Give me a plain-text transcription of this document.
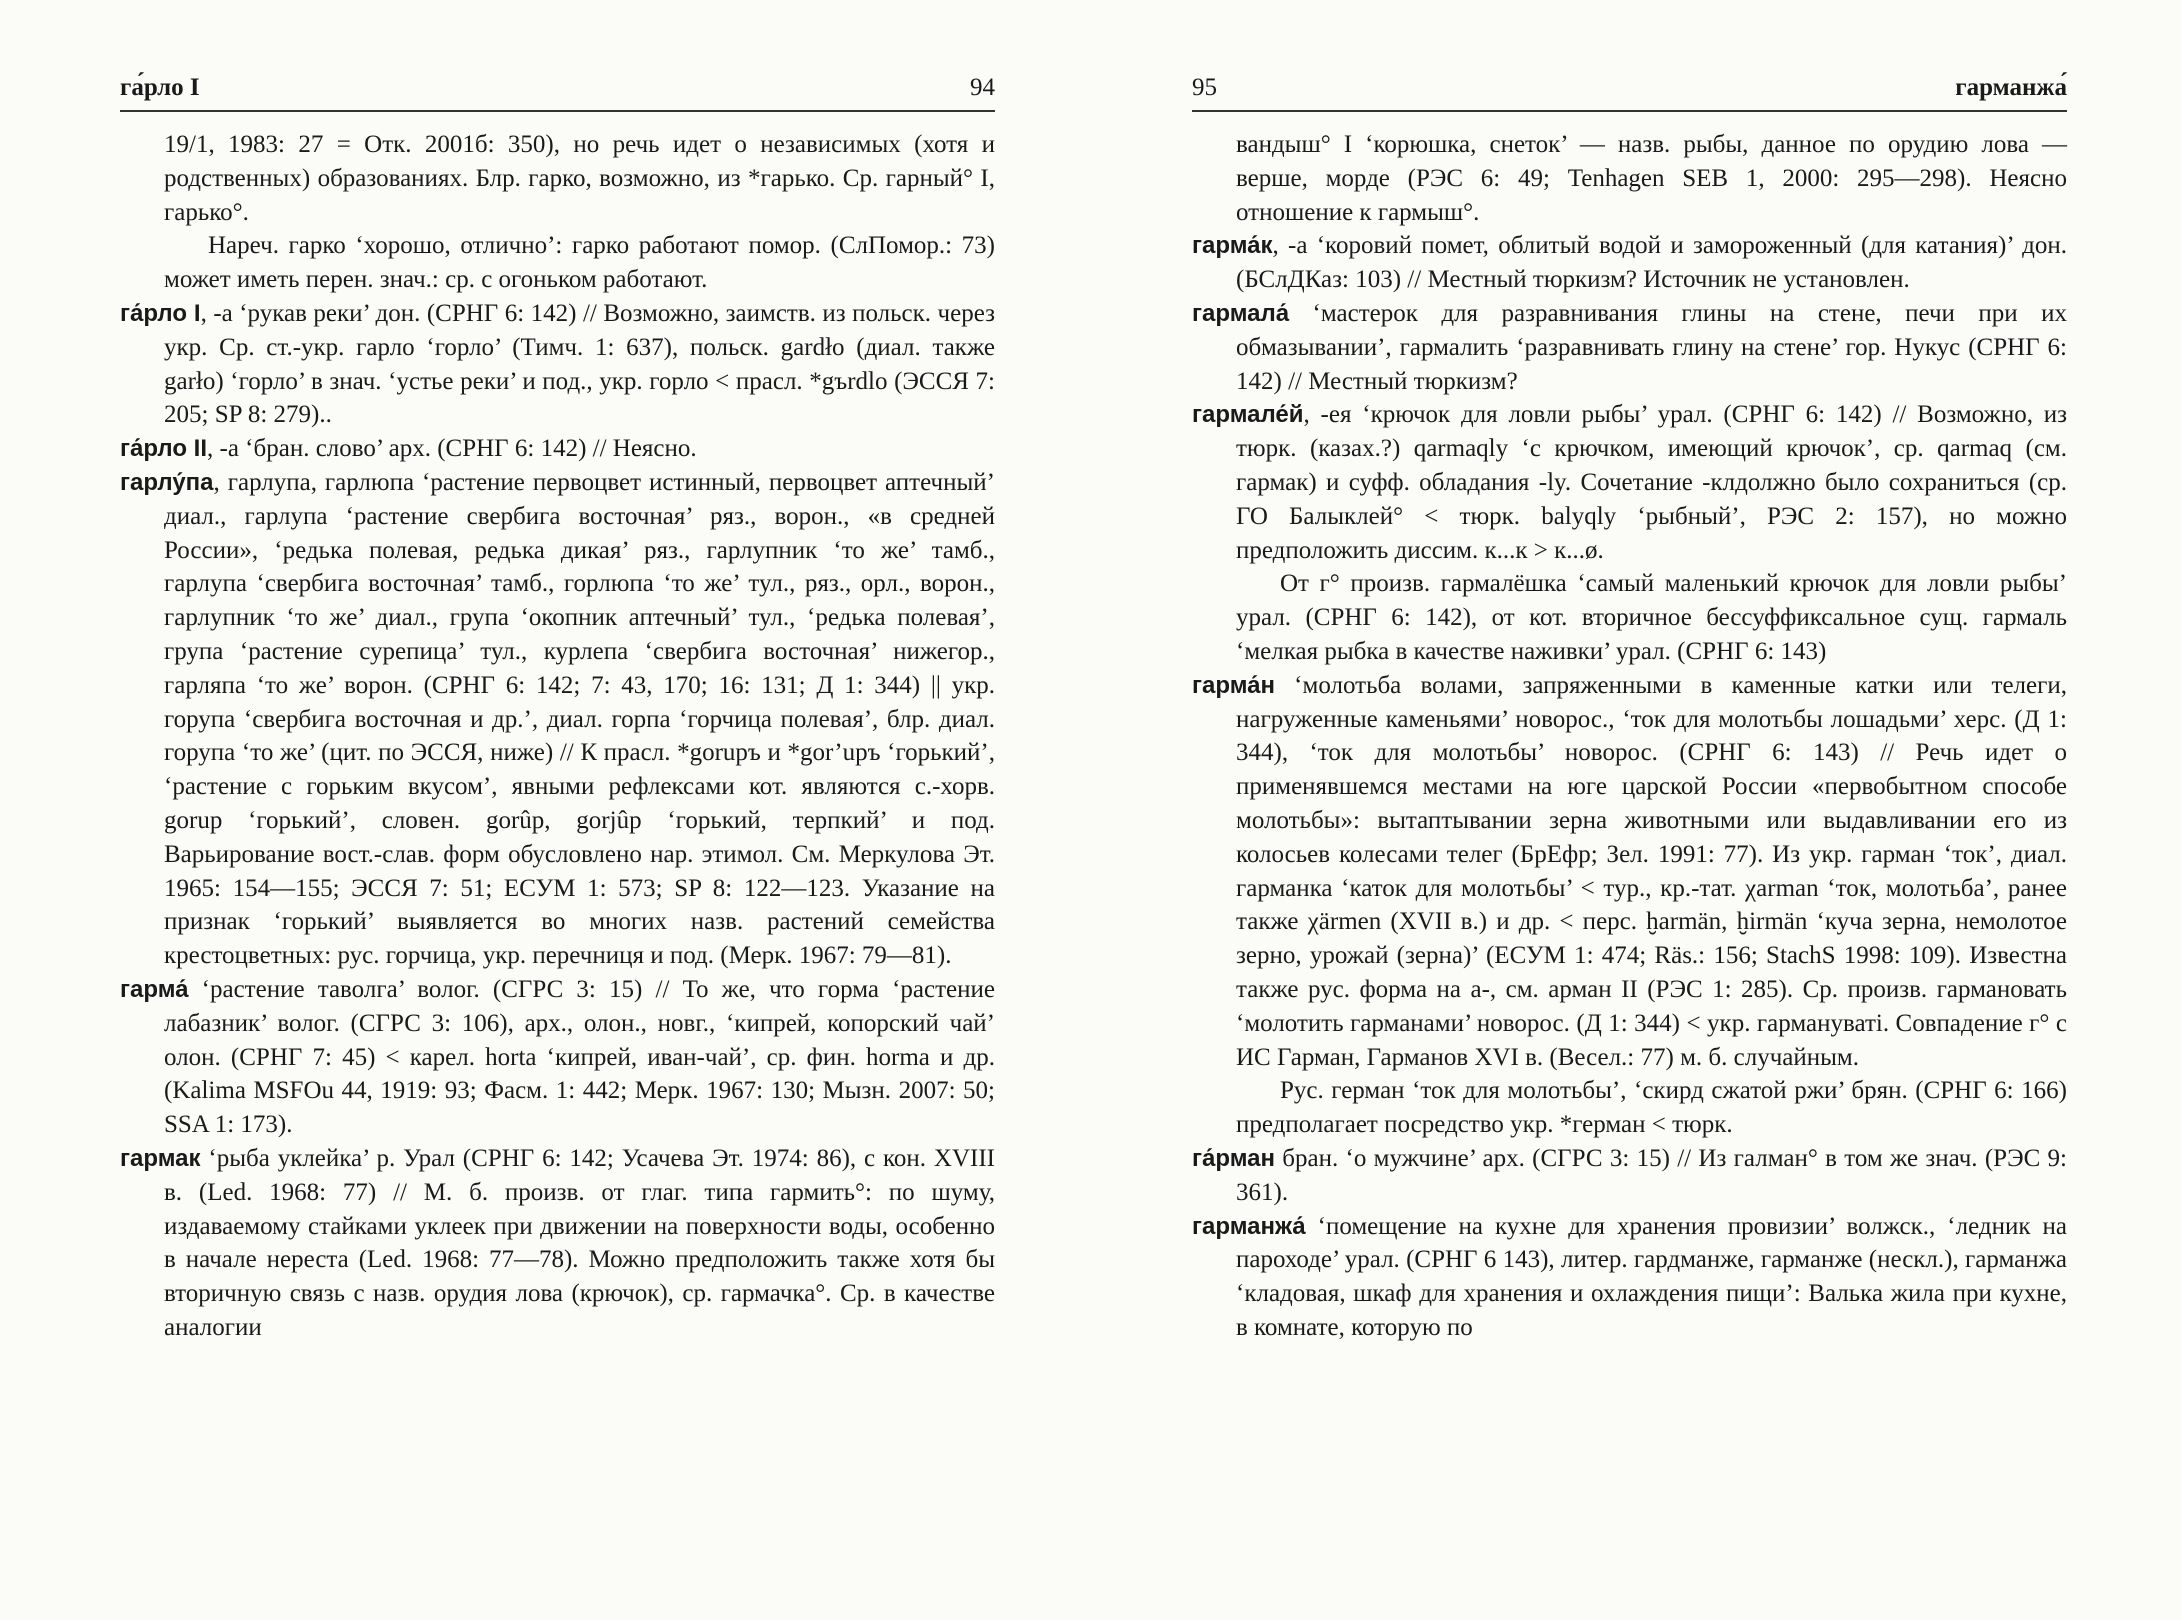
га́рло I	94

19/1, 1983: 27 = Отк. 2001б: 350), но речь идет о независимых (хотя и родственных) образованиях. Блр. гарко, возможно, из *гарько. Ср. гарный° I, гарько°.

Нареч. гарко ‘хорошо, отлично’: гарко работают помор. (СлПомор.: 73) может иметь перен. знач.: ср. с огоньком работают.

га́рло I, -а ‘рукав реки’ дон. (СРНГ 6: 142) // Возможно, заимств. из польск. через укр. Ср. ст.-укр. гарло ‘горло’ (Тимч. 1: 637), польск. gardło (диал. также garło) ‘горло’ в знач. ‘устье реки’ и под., укр. горло < прасл. *gъrdlo (ЭССЯ 7: 205; SP 8: 279)..

га́рло II, -а ‘бран. слово’ арх. (СРНГ 6: 142) // Неясно.

гарлу́па, гарлупа, гарлюпа ‘растение первоцвет истинный, первоцвет аптечный’ диал., гарлупа ‘растение свербига восточная’ ряз., ворон., «в средней России», ‘редька полевая, редька дикая’ ряз., гарлупник ‘то же’ тамб., гарлупа ‘свербига восточная’ тамб., горлюпа ‘то же’ тул., ряз., орл., ворон., гарлупник ‘то же’ диал., група ‘окопник аптечный’ тул., ‘редька полевая’, група ‘растение сурепица’ тул., курлепа ‘свербига восточная’ нижегор., гарляпа ‘то же’ ворон. (СРНГ 6: 142; 7: 43, 170; 16: 131; Д 1: 344) || укр. горупа ‘свербига восточная и др.’, диал. горпа ‘горчица полевая’, блр. диал. горупа ‘то же’ (цит. по ЭССЯ, ниже) // К прасл. *gorupъ и *gor’upъ ‘горький’, ‘растение с горьким вкусом’, явными рефлексами кот. являются с.-хорв. gorup ‘горький’, словен. gorûp, gorjûp ‘горький, терпкий’ и под. Варьирование вост.-слав. форм обусловлено нар. этимол. См. Меркулова Эт. 1965: 154—155; ЭССЯ 7: 51; ЕСУМ 1: 573; SP 8: 122—123. Указание на признак ‘горький’ выявляется во многих назв. растений семейства крестоцветных: рус. горчица, укр. перечниця и под. (Мерк. 1967: 79—81).

гарма́ ‘растение таволга’ волог. (СГРС 3: 15) // То же, что горма ‘растение лабазник’ волог. (СГРС 3: 106), арх., олон., новг., ‘кипрей, копорский чай’ олон. (СРНГ 7: 45) < карел. horta ‘кипрей, иван-чай’, ср. фин. horma и др. (Kalima MSFOu 44, 1919: 93; Фасм. 1: 442; Мерк. 1967: 130; Мызн. 2007: 50; SSA 1: 173).

гармак ‘рыба уклейка’ р. Урал (СРНГ 6: 142; Усачева Эт. 1974: 86), с кон. XVIII в. (Led. 1968: 77) // М. б. произв. от глаг. типа гармить°: по шуму, издаваемому стайками уклеек при движении на поверхности воды, особенно в начале нереста (Led. 1968: 77—78). Можно предположить также хотя бы вторичную связь с назв. орудия лова (крючок), ср. гармачка°. Ср. в качестве аналогии

95	гарманжа́

вандыш° I ‘корюшка, снеток’ — назв. рыбы, данное по орудию лова — верше, морде (РЭС 6: 49; Tenhagen SEB 1, 2000: 295—298). Неясно отношение к гармыш°.

гарма́к, -а ‘коровий помет, облитый водой и замороженный (для катания)’ дон. (БСлДКаз: 103) // Местный тюркизм? Источник не установлен.

гармала́ ‘мастерок для разравнивания глины на стене, печи при их обмазывании’, гармалить ‘разравнивать глину на стене’ гор. Нукус (СРНГ 6: 142) // Местный тюркизм?

гармале́й, -ея ‘крючок для ловли рыбы’ урал. (СРНГ 6: 142) // Возможно, из тюрк. (казах.?) qarmaqly ‘с крючком, имеющий крючок’, ср. qarmaq (см. гармак) и суфф. обладания -ly. Сочетание -клдолжно было сохраниться (ср. ГО Балыклей° < тюрк. balyqly ‘рыбный’, РЭС 2: 157), но можно предположить диссим. к...к > к...ø.

От г° произв. гармалёшка ‘самый маленький крючок для ловли рыбы’ урал. (СРНГ 6: 142), от кот. вторичное бессуффиксальное сущ. гармаль ‘мелкая рыбка в качестве наживки’ урал. (СРНГ 6: 143)

гарма́н ‘молотьба волами, запряженными в каменные катки или телеги, нагруженные каменьями’ новорос., ‘ток для молотьбы лошадьми’ херс. (Д 1: 344), ‘ток для молотьбы’ новорос. (СРНГ 6: 143) // Речь идет о применявшемся местами на юге царской России «первобытном способе молотьбы»: вытаптывании зерна животными или выдавливании его из колосьев колесами телег (БрЕфр; Зел. 1991: 77). Из укр. гарман ‘ток’, диал. гарманка ‘каток для молотьбы’ < тур., кр.-тат. χarman ‘ток, молотьба’, ранее также χärmen (XVII в.) и др. < перс. ḫarmän, ḫirmän ‘куча зерна, немолотое зерно, урожай (зерна)’ (ЕСУМ 1: 474; Räs.: 156; StachS 1998: 109). Известна также рус. форма на а-, см. арман II (РЭС 1: 285). Ср. произв. гармановать ‘молотить гарманами’ новорос. (Д 1: 344) < укр. гармануваті. Совпадение г° с ИС Гарман, Гарманов XVI в. (Весел.: 77) м. б. случайным.

Рус. герман ‘ток для молотьбы’, ‘скирд сжатой ржи’ брян. (СРНГ 6: 166) предполагает посредство укр. *герман < тюрк.

га́рман бран. ‘о мужчине’ арх. (СГРС 3: 15) // Из галман° в том же знач. (РЭС 9: 361).

гарманжа́ ‘помещение на кухне для хранения провизии’ волжск., ‘ледник на пароходе’ урал. (СРНГ 6 143), литер. гардманже, гарманже (нескл.), гарманжа ‘кладовая, шкаф для хранения и охлаждения пищи’: Валька жила при кухне, в комнате, которую по
